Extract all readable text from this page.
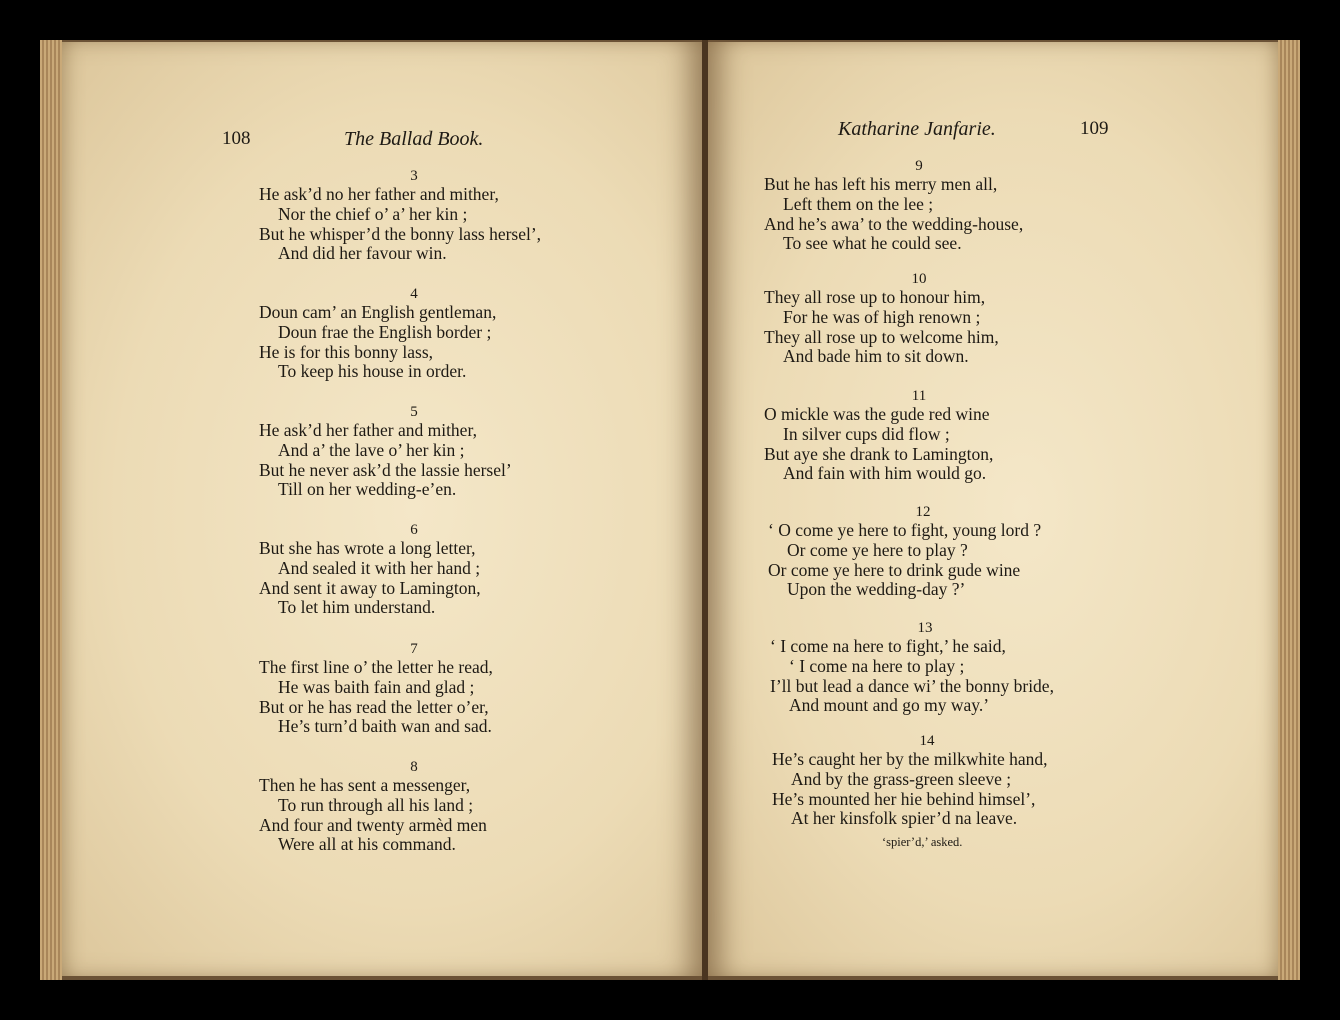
108	The Ballad Book.	Katharine Janfarie.	109
3
He ask’d no her father and mither,
Nor the chief o’ a’ her kin ;
But he whisper’d the bonny lass hersel’,
And did her favour win.
4
Doun cam’ an English gentleman,
Doun frae the English border ;
He is for this bonny lass,
To keep his house in order.
5
He ask’d her father and mither,
And a’ the lave o’ her kin ;
But he never ask’d the lassie hersel’
Till on her wedding-e’en.
6
But she has wrote a long letter,
And sealed it with her hand ;
And sent it away to Lamington,
To let him understand.
7
The first line o’ the letter he read,
He was baith fain and glad ;
But or he has read the letter o’er,
He’s turn’d baith wan and sad.
8
Then he has sent a messenger,
To run through all his land ;
And four and twenty armèd men
Were all at his command.
9
But he has left his merry men all,
Left them on the lee ;
And he’s awa’ to the wedding-house,
To see what he could see.
10
They all rose up to honour him,
For he was of high renown ;
They all rose up to welcome him,
And bade him to sit down.
11
O mickle was the gude red wine
In silver cups did flow ;
But aye she drank to Lamington,
And fain with him would go.
12
‘ O come ye here to fight, young lord ?
Or come ye here to play ?
Or come ye here to drink gude wine
Upon the wedding-day ?’
13
‘ I come na here to fight,’ he said,
‘ I come na here to play ;
I’ll but lead a dance wi’ the bonny bride,
And mount and go my way.’
14
He’s caught her by the milkwhite hand,
And by the grass-green sleeve ;
He’s mounted her hie behind himsel’,
At her kinsfolk spier’d na leave.
‘spier’d,’ asked.
